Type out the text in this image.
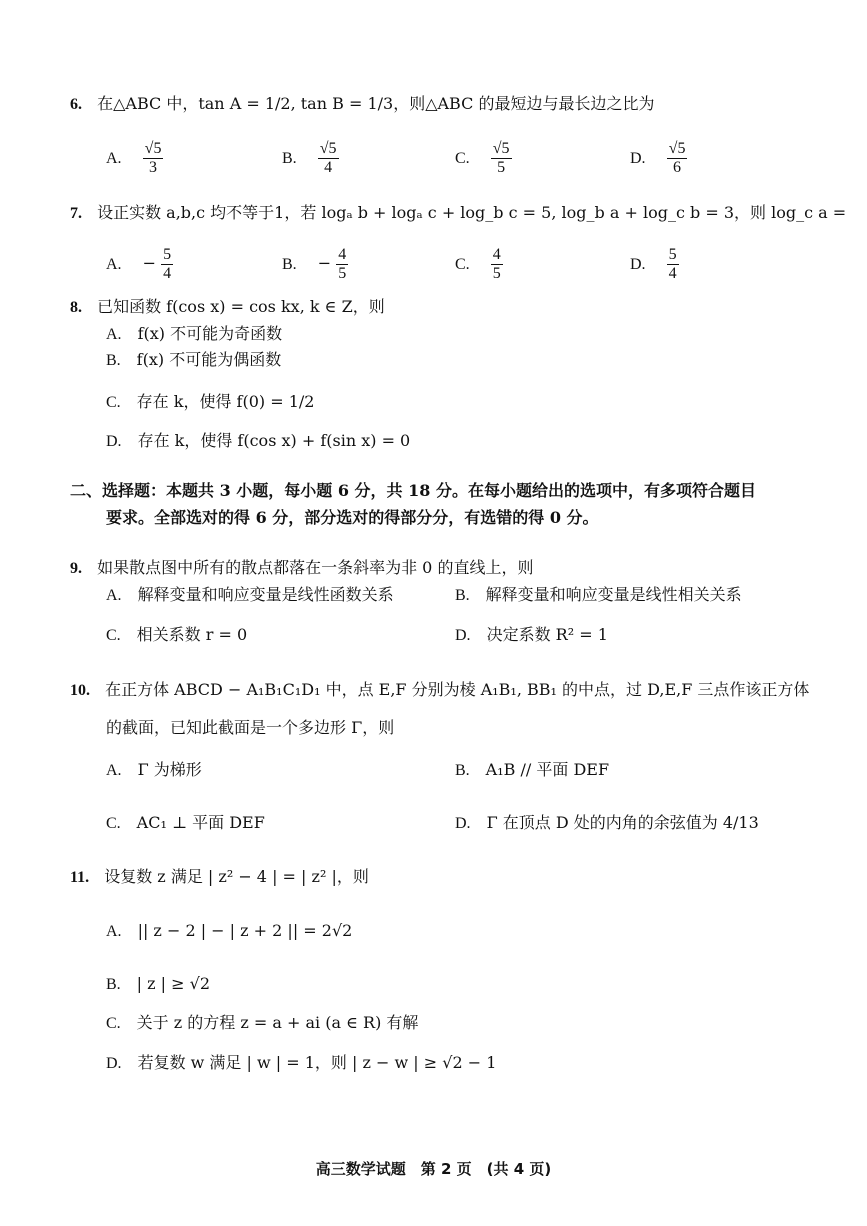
6. 在△ABC 中，tan A = 1/2, tan B = 1/3，则△ABC 的最短边与最长边之比为
A. $\frac{√5}{3}$	B. $\frac{√5}{4}$	C. $\frac{√5}{5}$	D. $\frac{√5}{6}$
7. 设正实数 a,b,c 均不等于1，若 logₐ b + logₐ c + log_b c = 5, log_b a + log_c b = 3，则 log_c a =
A. − $\frac{5}{4}$	B. − $\frac{4}{5}$	C. $\frac{4}{5}$	D. $\frac{5}{4}$
8. 已知函数 f(cos x) = cos kx, k ∈ Z，则
A. f(x) 不可能为奇函数
B. f(x) 不可能为偶函数
C. 存在 k，使得 f(0) = 1/2
D. 存在 k，使得 f(cos x) + f(sin x) = 0
二、选择题：本题共 3 小题，每小题 6 分，共 18 分。在每小题给出的选项中，有多项符合题目
要求。全部选对的得 6 分，部分选对的得部分分，有选错的得 0 分。
9. 如果散点图中所有的散点都落在一条斜率为非 0 的直线上，则
A. 解释变量和响应变量是线性函数关系	B. 解释变量和响应变量是线性相关关系
C. 相关系数 r = 0	D. 决定系数 R² = 1
10. 在正方体 ABCD − A₁B₁C₁D₁ 中，点 E,F 分别为棱 A₁B₁, BB₁ 的中点，过 D,E,F 三点作该正方体
的截面，已知此截面是一个多边形 Γ，则
A. Γ 为梯形	B. A₁B // 平面 DEF
C. AC₁ ⊥ 平面 DEF	D. Γ 在顶点 D 处的内角的余弦值为 4/13
11. 设复数 z 满足 | z² − 4 | = | z² |，则
A. || z − 2 | − | z + 2 || = 2√2
B. | z | ≥ √2
C. 关于 z 的方程 z = a + ai (a ∈ R) 有解
D. 若复数 w 满足 | w | = 1，则 | z − w | ≥ √2 − 1
高三数学试题　第 2 页　(共 4 页)
